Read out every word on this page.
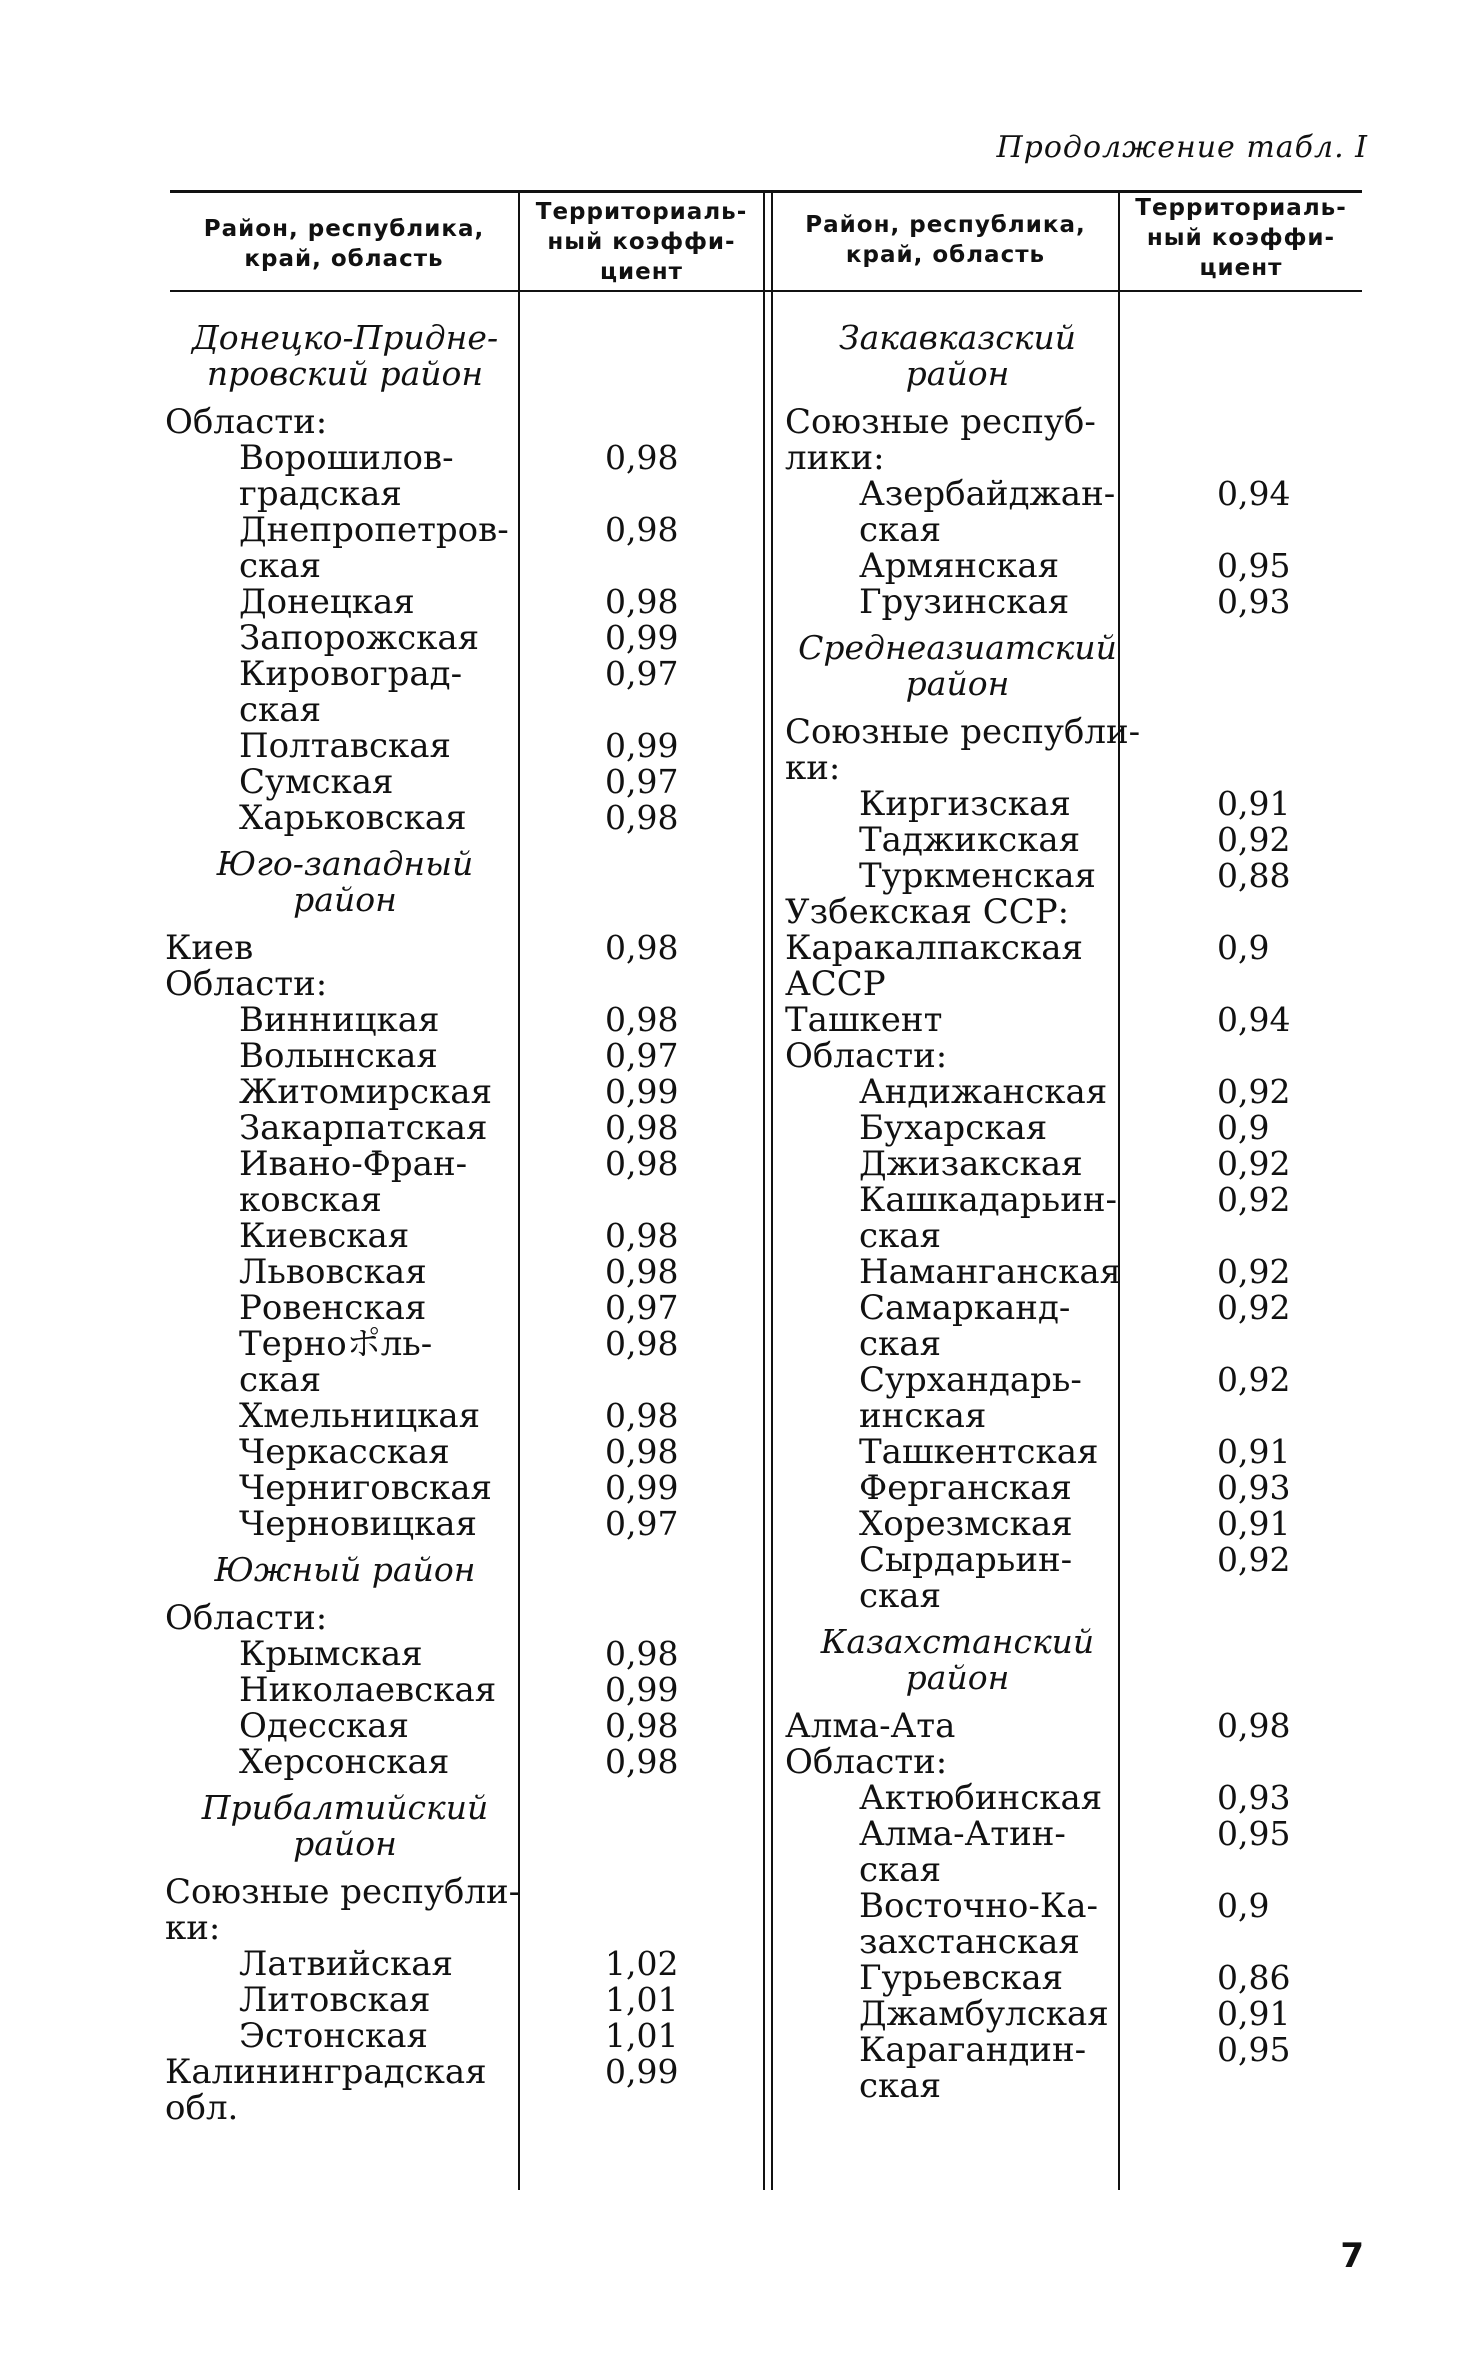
Продолжение табл. I
Район, республика,
край, область
Территориаль-
ный коэффи-
циент
Район, республика,
край, область
Территориаль-
ный коэффи-
циент
Донецко-Придне-
провский район
Области:
Ворошилов-	0,98
градская
Днепропетров-	0,98
ская
Донецкая	0,98
Запорожская	0,99
Кировоград-	0,97
ская
Полтавская	0,99
Сумская	0,97
Харьковская	0,98
Юго-западный
район
Киев	0,98
Области:
Винницкая	0,98
Волынская	0,97
Житомирская	0,99
Закарпатская	0,98
Ивано-Фран-	0,98
ковская
Киевская	0,98
Львовская	0,98
Ровенская	0,97
Терноポль-	0,98
ская
Хмельницкая	0,98
Черкасская	0,98
Черниговская	0,99
Черновицкая	0,97
Южный район
Области:
Крымская	0,98
Николаевская	0,99
Одесская	0,98
Херсонская	0,98
Прибалтийский
район
Союзные республи-
ки:
Латвийская	1,02
Литовская	1,01
Эстонская	1,01
Калининградская	0,99
обл.
Закавказский
район
Союзные респуб-
лики:
Азербайджан-	0,94
ская
Армянская	0,95
Грузинская	0,93
Среднеазиатский
район
Союзные республи-
ки:
Киргизская	0,91
Таджикская	0,92
Туркменская	0,88
Узбекская ССР:
Каракалпакская	0,9
АССР
Ташкент	0,94
Области:
Андижанская	0,92
Бухарская	0,9
Джизакская	0,92
Кашкадарьин-	0,92
ская
Наманганская	0,92
Самарканд-	0,92
ская
Сурхандарь-	0,92
инская
Ташкентская	0,91
Ферганская	0,93
Хорезмская	0,91
Сырдарьин-	0,92
ская
Казахстанский
район
Алма-Ата	0,98
Области:
Актюбинская	0,93
Алма-Атин-	0,95
ская
Восточно-Ка-	0,9
захстанская
Гурьевская	0,86
Джамбулская	0,91
Карагандин-	0,95
ская
7
